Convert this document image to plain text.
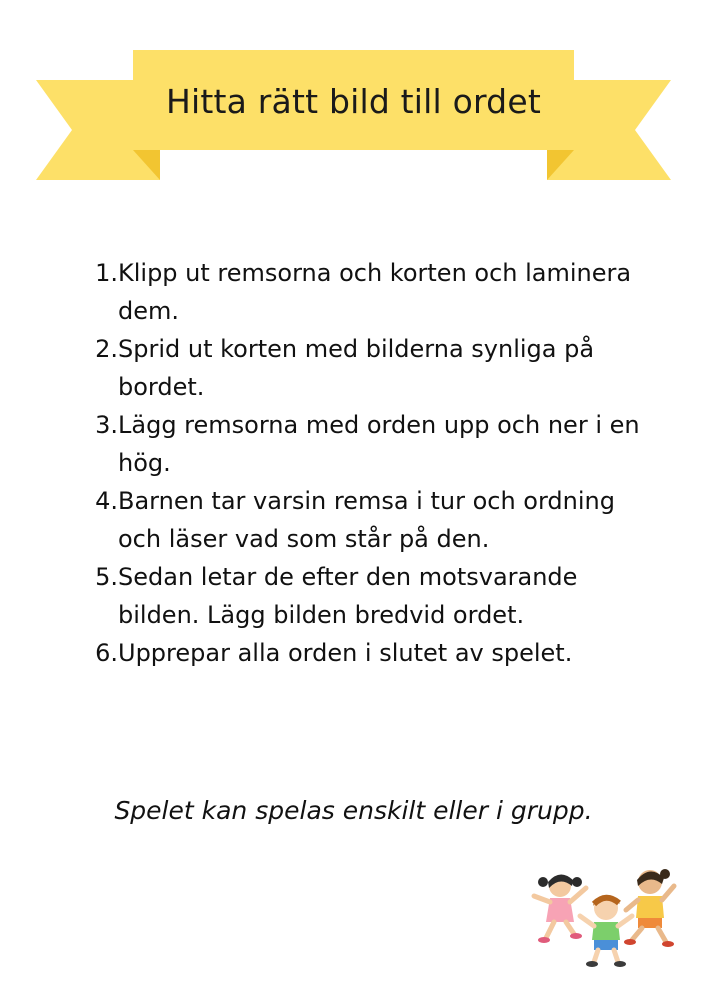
Hitta rätt bild till ordet
1. Klipp ut remsorna och korten och laminera dem.
2. Sprid ut korten med bilderna synliga på bordet.
3. Lägg remsorna med orden upp och ner i en hög.
4. Barnen tar varsin remsa i tur och ordning och läser vad som står på den.
5. Sedan letar de efter den motsvarande bilden. Lägg bilden bredvid ordet.
6. Upprepar alla orden i slutet av spelet.
Spelet kan spelas enskilt eller i grupp.
